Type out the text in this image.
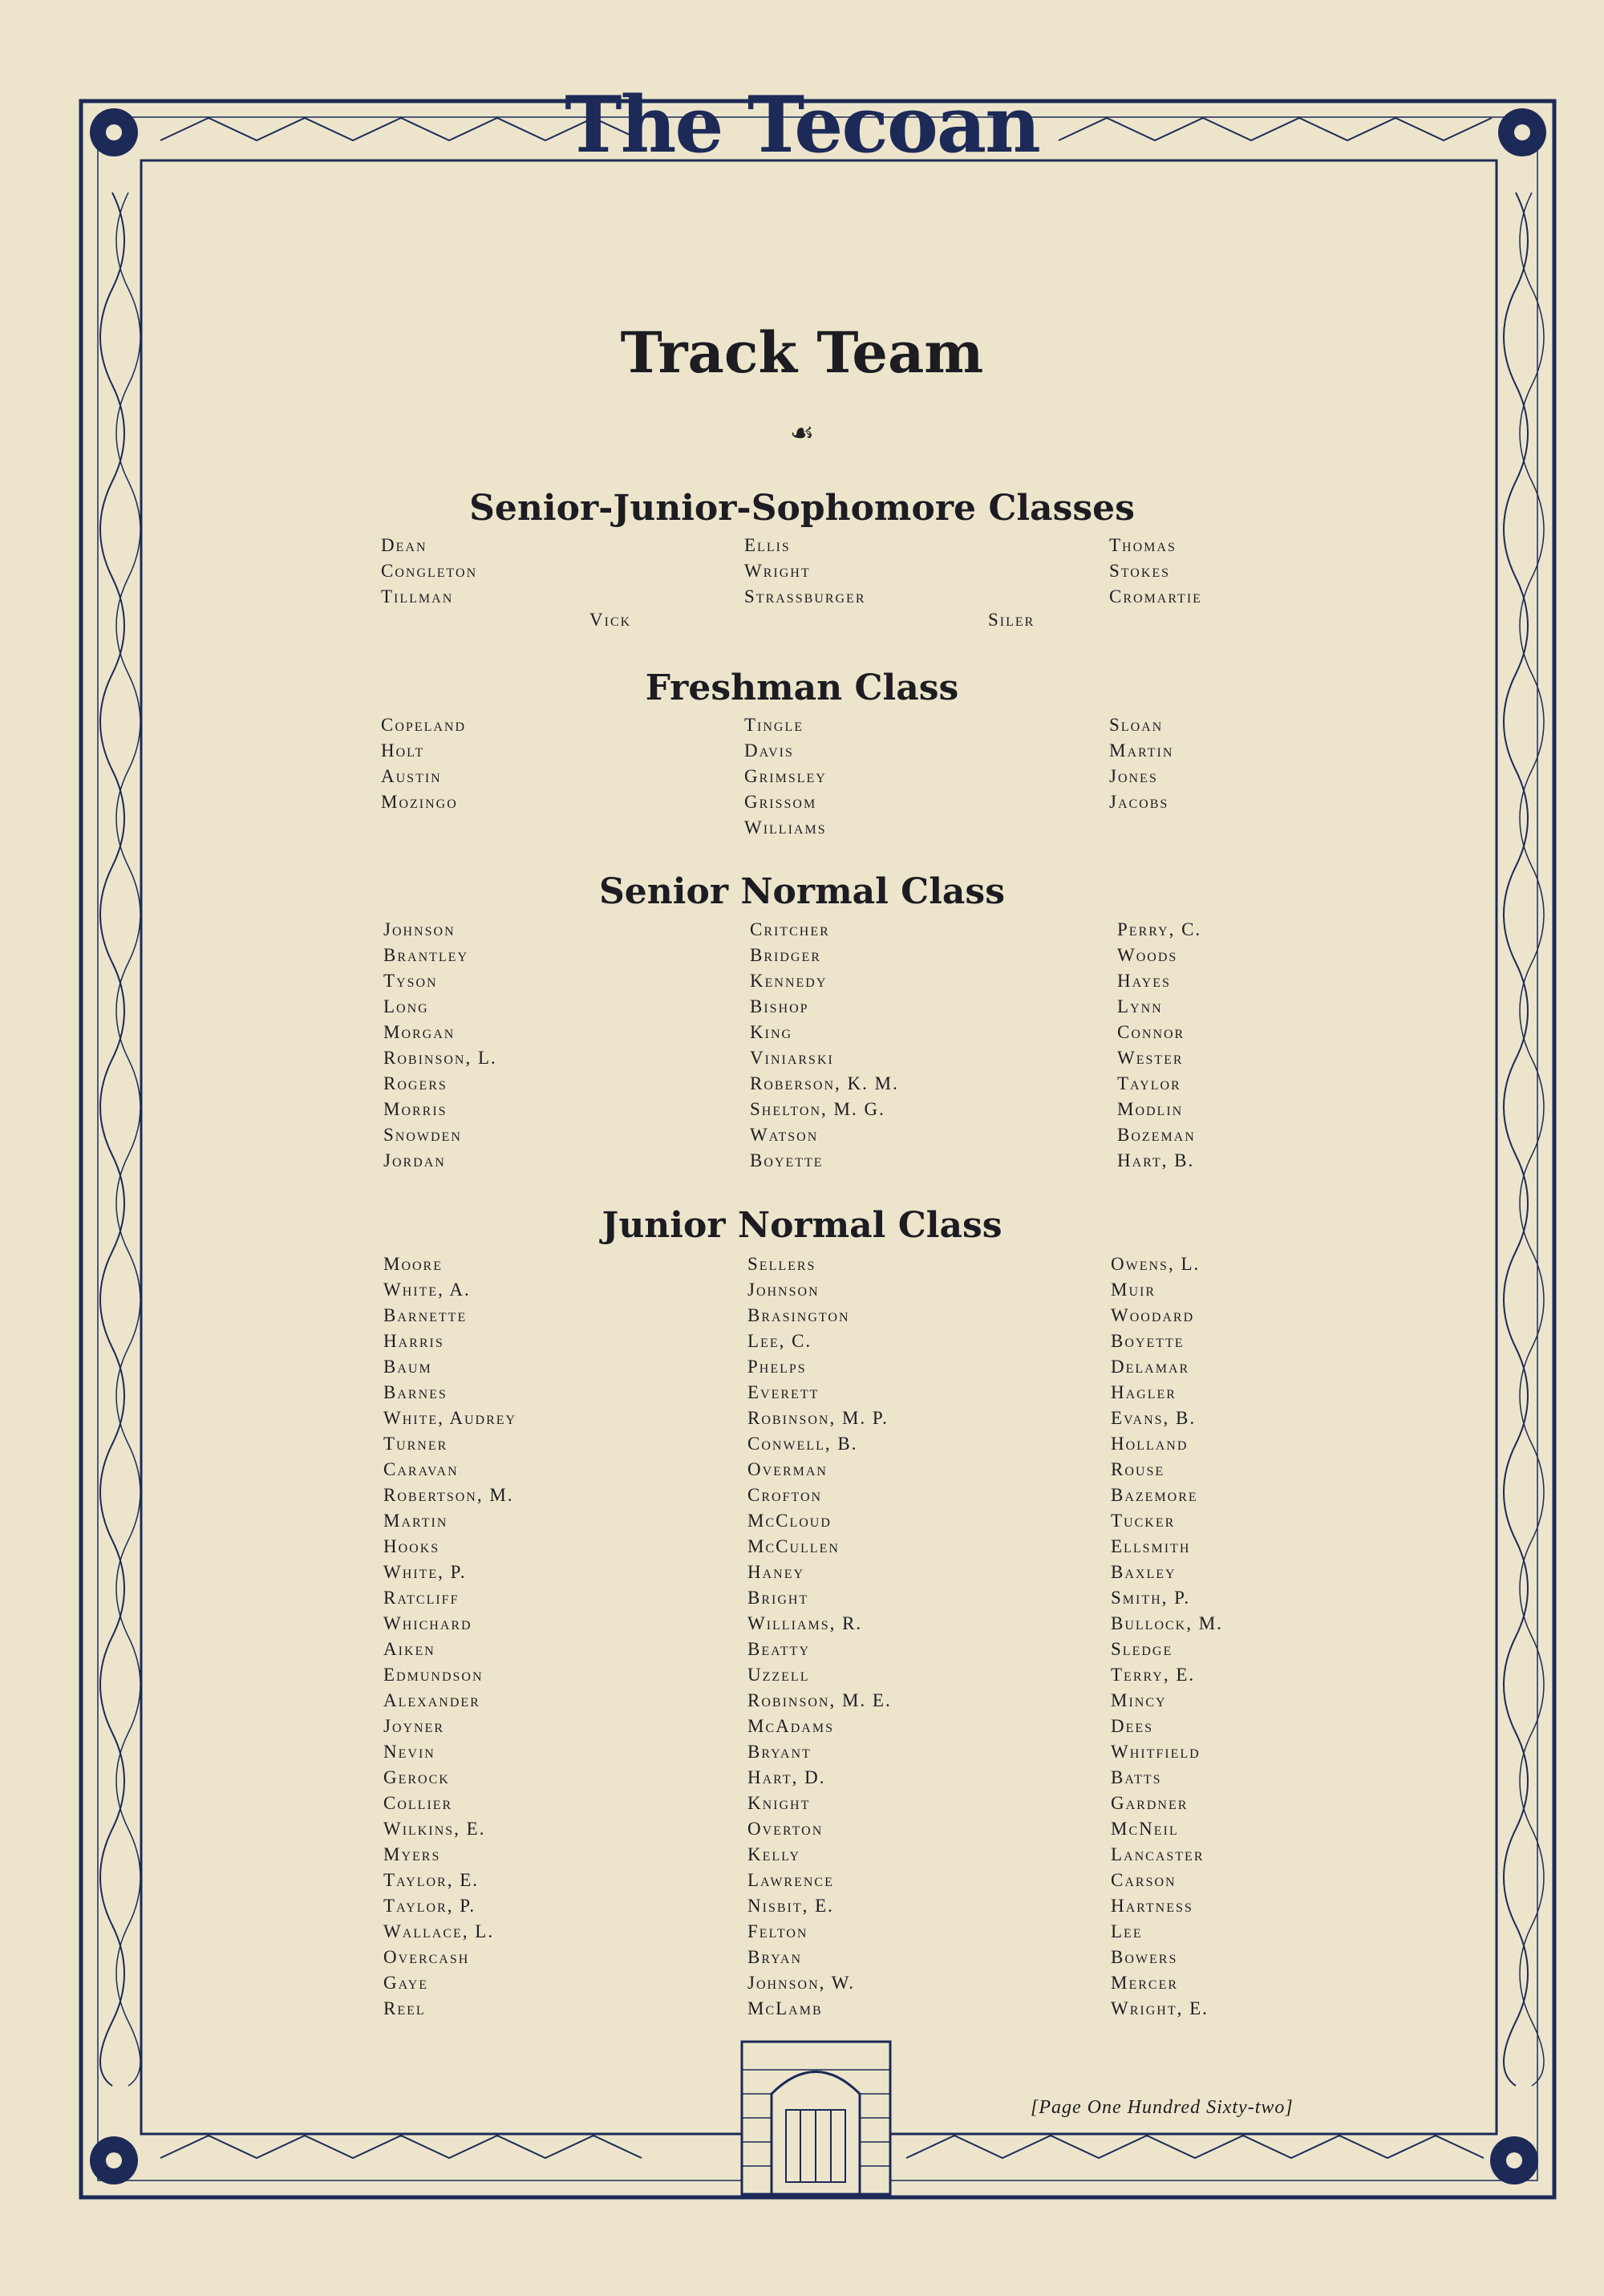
The Tecoan
Track Team
☙
Senior-Junior-Sophomore Classes
Dean
Congleton
Tillman
Ellis
Wright
Strassburger
Thomas
Stokes
Cromartie
Vick	Siler
Freshman Class
Copeland
Holt
Austin
Mozingo
Tingle
Davis
Grimsley
Grissom
Williams
Sloan
Martin
Jones
Jacobs
Senior Normal Class
Johnson
Brantley
Tyson
Long
Morgan
Robinson, L.
Rogers
Morris
Snowden
Jordan
Critcher
Bridger
Kennedy
Bishop
King
Viniarski
Roberson, K. M.
Shelton, M. G.
Watson
Boyette
Perry, C.
Woods
Hayes
Lynn
Connor
Wester
Taylor
Modlin
Bozeman
Hart, B.
Junior Normal Class
Moore
White, A.
Barnette
Harris
Baum
Barnes
White, Audrey
Turner
Caravan
Robertson, M.
Martin
Hooks
White, P.
Ratcliff
Whichard
Aiken
Edmundson
Alexander
Joyner
Nevin
Gerock
Collier
Wilkins, E.
Myers
Taylor, E.
Taylor, P.
Wallace, L.
Overcash
Gaye
Reel
Sellers
Johnson
Brasington
Lee, C.
Phelps
Everett
Robinson, M. P.
Conwell, B.
Overman
Crofton
McCloud
McCullen
Haney
Bright
Williams, R.
Beatty
Uzzell
Robinson, M. E.
McAdams
Bryant
Hart, D.
Knight
Overton
Kelly
Lawrence
Nisbit, E.
Felton
Bryan
Johnson, W.
McLamb
Owens, L.
Muir
Woodard
Boyette
Delamar
Hagler
Evans, B.
Holland
Rouse
Bazemore
Tucker
Ellsmith
Baxley
Smith, P.
Bullock, M.
Sledge
Terry, E.
Mincy
Dees
Whitfield
Batts
Gardner
McNeil
Lancaster
Carson
Hartness
Lee
Bowers
Mercer
Wright, E.
[Page One Hundred Sixty-two]
